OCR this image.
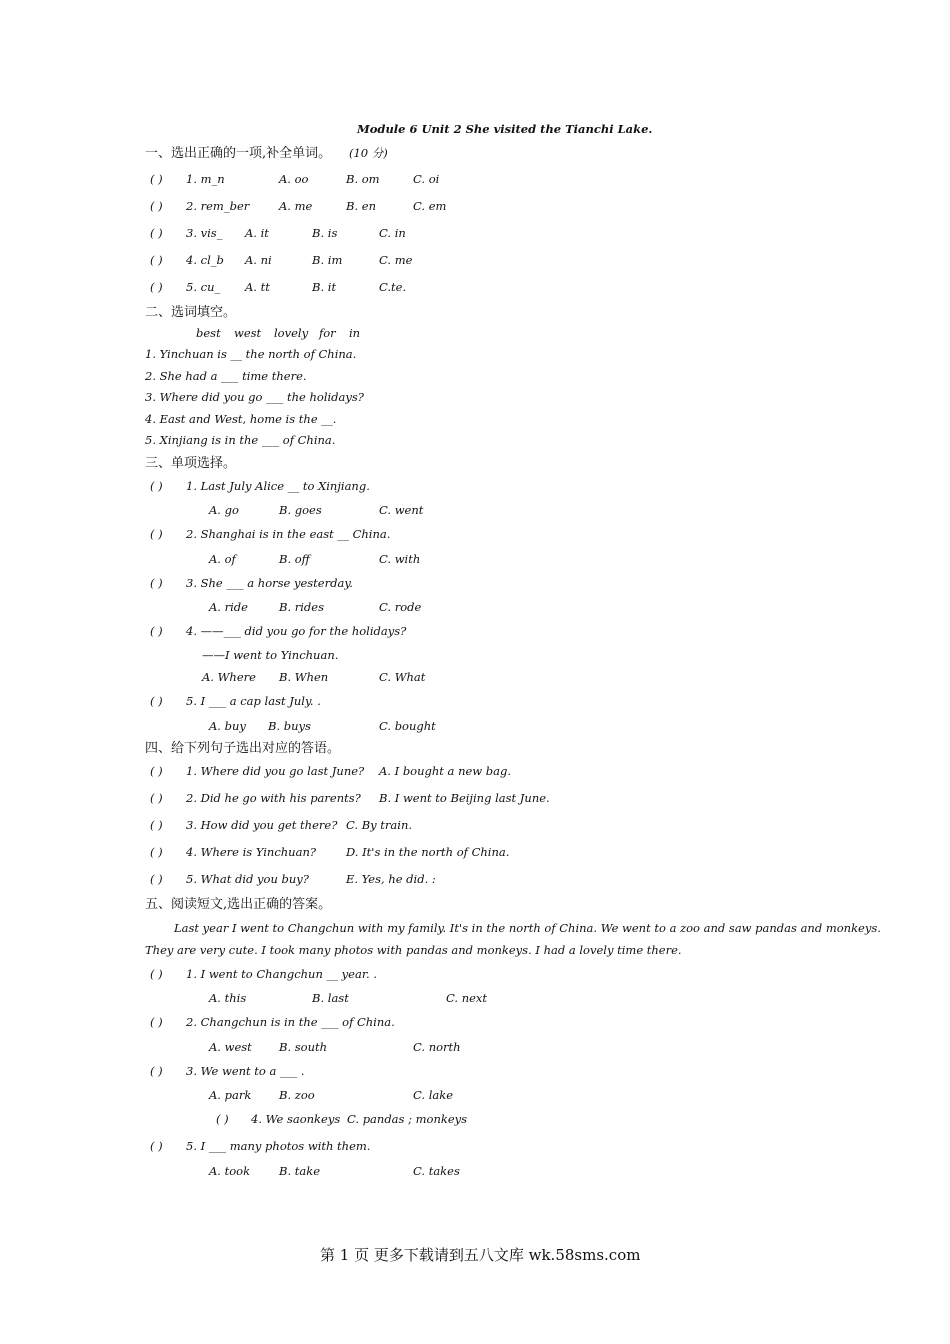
Module 6 Unit 2 She visited the Tianchi Lake.
一、选出正确的一项,补全单词。 (10 分)
( ) 1. m_n	A. oo	B. om	C. oi
( ) 2. rem_ber	A. me	B. en	C. em
( ) 3. vis_ A. it	B. is	C. in
( ) 4. cl_b A. ni	B. im	C. me
( ) 5. cu_ A. tt	B. it	C.te.
二、选词填空。
best west lovely for in
1. Yinchuan is __ the north of China.
2. She had a ___ time there.
3. Where did you go ___ the holidays?
4. East and West, home is the __.
5. Xinjiang is in the ___ of China.
三、单项选择。
( ) 1. Last July Alice __ to Xinjiang.
A. go	B. goes	C. went
( ) 2. Shanghai is in the east __ China.
A. of	B. off	C. with
( ) 3. She ___ a horse yesterday.
A. ride	B. rides	C. rode
( ) 4. ——___ did you go for the holidays?
——I went to Yinchuan.
A. Where B. When	C. What
( ) 5. I ___ a cap last July. .
A. buy B. buys	C. bought
四、给下列句子选出对应的答语。
( ) 1. Where did you go last June? A. I bought a new bag.
( ) 2. Did he go with his parents? B. I went to Beijing last June.
( ) 3. How did you get there? C. By train.
( ) 4. Where is Yinchuan?	D. It's in the north of China.
( ) 5. What did you buy?	E. Yes, he did. :
五、阅读短文,选出正确的答案。
Last year I went to Changchun with my family. It's in the north of China. We went to a zoo and saw pandas and monkeys.
They are very cute. I took many photos with pandas and monkeys. I had a lovely time there.
( ) 1. I went to Changchun __ year. .
A. this	B. last	C. next
( ) 2. Changchun is in the ___ of China.
A. west B. south	C. north
( ) 3. We went to a ___ .
A. park B. zoo	C. lake
( ) 4. We saonkeys C. pandas ; monkeys
( ) 5. I ___ many photos with them.
A. took	B. take	C. takes
第 1 页 更多下载请到五八文库 wk.58sms.com
